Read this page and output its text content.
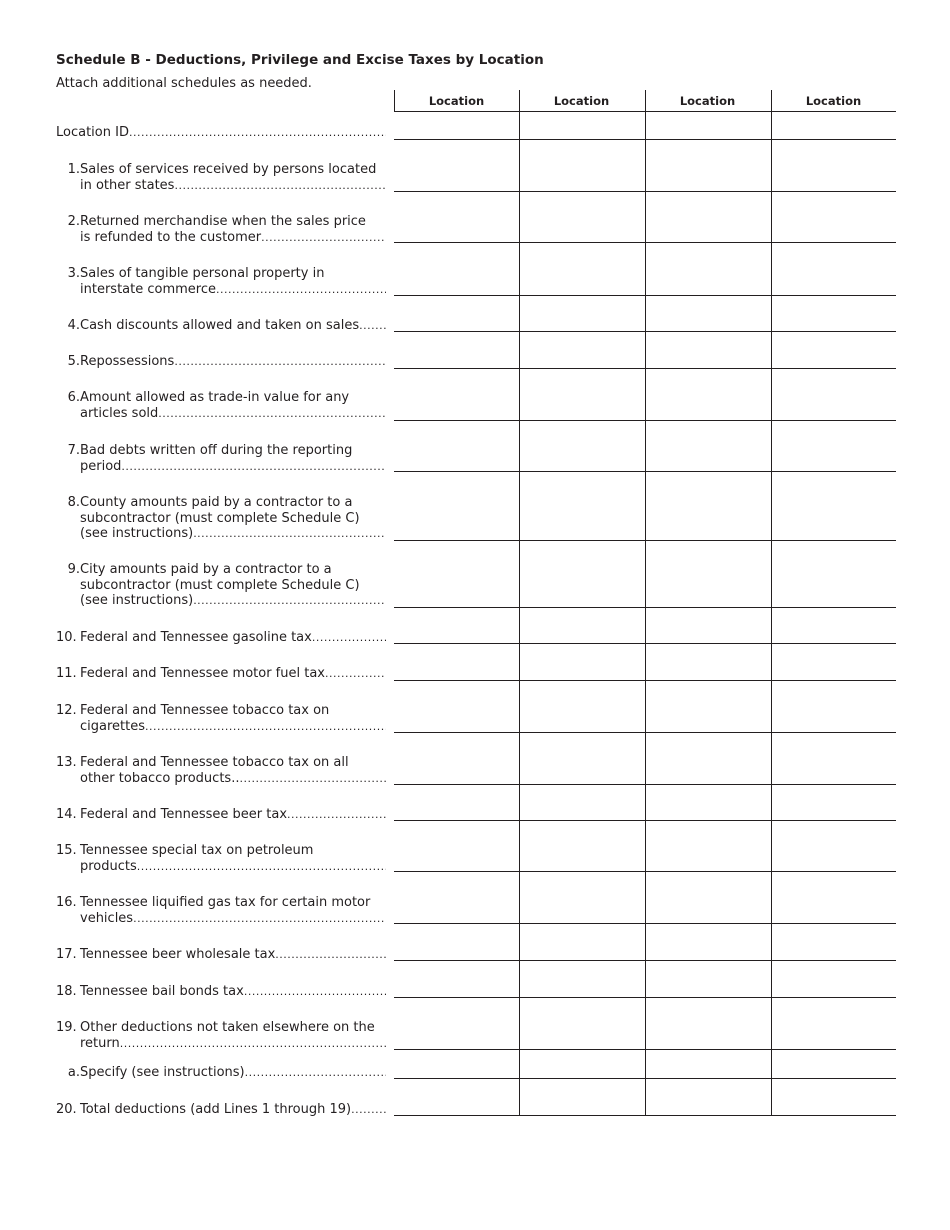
Schedule B - Deductions, Privilege and Excise Taxes by Location
Attach additional schedules as needed.
Location	Location	Location	Location
Location ID
.....
1. Sales of services received by persons located
in other states
.....
2. Returned merchandise when the sales price
is refunded to the customer
.....
3. Sales of tangible personal property in
interstate commerce
.....
4. Cash discounts allowed and taken on sales
.....
5. Repossessions
.....
6. Amount allowed as trade-in value for any
articles sold
.....
7. Bad debts written off during the reporting
period
.....
8. County amounts paid by a contractor to a
subcontractor (must complete Schedule C)
(see instructions)
.....
9. City amounts paid by a contractor to a
subcontractor (must complete Schedule C)
(see instructions)
.....
10. Federal and Tennessee gasoline tax
.....
11. Federal and Tennessee motor fuel tax
.....
12. Federal and Tennessee tobacco tax on
cigarettes
.....
13. Federal and Tennessee tobacco tax on all
other tobacco products..
.....
14. Federal and Tennessee beer tax
.....
15. Tennessee special tax on petroleum
products
.....
16. Tennessee liquified gas tax for certain motor
vehicles
.....
17. Tennessee beer wholesale tax
.....
18. Tennessee bail bonds tax
.....
19. Other deductions not taken elsewhere on the
return
.....
a. Specify (see instructions)
.....
20. Total deductions (add Lines 1 through 19)
.....
